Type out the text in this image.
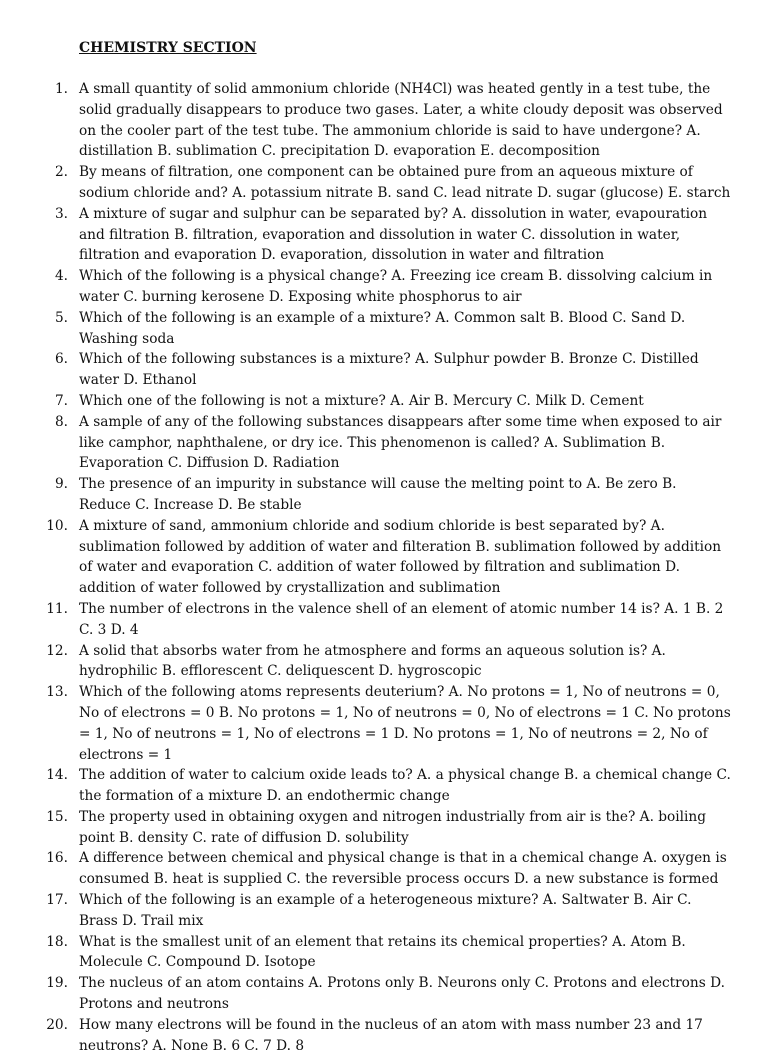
CHEMISTRY SECTION
1. A small quantity of solid ammonium chloride (NH4Cl) was heated gently in a test tube, the solid gradually disappears to produce two gases. Later, a white cloudy deposit was observed on the cooler part of the test tube. The ammonium chloride is said to have undergone? A. distillation B. sublimation C. precipitation D. evaporation E. decomposition
2. By means of filtration, one component can be obtained pure from an aqueous mixture of sodium chloride and? A. potassium nitrate B. sand C. lead nitrate D. sugar (glucose) E. starch
3. A mixture of sugar and sulphur can be separated by? A. dissolution in water, evapouration and filtration B. filtration, evaporation and dissolution in water C. dissolution in water, filtration and evaporation D. evaporation, dissolution in water and filtration
4. Which of the following is a physical change? A. Freezing ice cream B. dissolving calcium in water C. burning kerosene D. Exposing white phosphorus to air
5. Which of the following is an example of a mixture? A. Common salt B. Blood C. Sand D. Washing soda
6. Which of the following substances is a mixture? A. Sulphur powder B. Bronze C. Distilled water D. Ethanol
7. Which one of the following is not a mixture? A. Air B. Mercury C. Milk D. Cement
8. A sample of any of the following substances disappears after some time when exposed to air like camphor, naphthalene, or dry ice. This phenomenon is called? A. Sublimation B. Evaporation C. Diffusion D. Radiation
9. The presence of an impurity in substance will cause the melting point to A. Be zero B. Reduce C. Increase D. Be stable
10. A mixture of sand, ammonium chloride and sodium chloride is best separated by? A. sublimation followed by addition of water and filteration B. sublimation followed by addition of water and evaporation C. addition of water followed by filtration and sublimation D. addition of water followed by crystallization and sublimation
11. The number of electrons in the valence shell of an element of atomic number 14 is? A. 1 B. 2 C. 3 D. 4
12. A solid that absorbs water from he atmosphere and forms an aqueous solution is? A. hydrophilic B. efflorescent C. deliquescent D. hygroscopic
13. Which of the following atoms represents deuterium? A. No protons = 1, No of neutrons = 0, No of electrons = 0 B. No protons = 1, No of neutrons = 0, No of electrons = 1 C. No protons = 1, No of neutrons = 1, No of electrons = 1 D. No protons = 1, No of neutrons = 2, No of electrons = 1
14. The addition of water to calcium oxide leads to? A. a physical change B. a chemical change C. the formation of a mixture D. an endothermic change
15. The property used in obtaining oxygen and nitrogen industrially from air is the? A. boiling point B. density C. rate of diffusion D. solubility
16. A difference between chemical and physical change is that in a chemical change A. oxygen is consumed B. heat is supplied C. the reversible process occurs D. a new substance is formed
17. Which of the following is an example of a heterogeneous mixture? A. Saltwater B. Air C. Brass D. Trail mix
18. What is the smallest unit of an element that retains its chemical properties? A. Atom B. Molecule C. Compound D. Isotope
19. The nucleus of an atom contains A. Protons only B. Neurons only C. Protons and electrons D. Protons and neutrons
20. How many electrons will be found in the nucleus of an atom with mass number 23 and 17 neutrons? A. None B. 6 C. 7 D. 8
